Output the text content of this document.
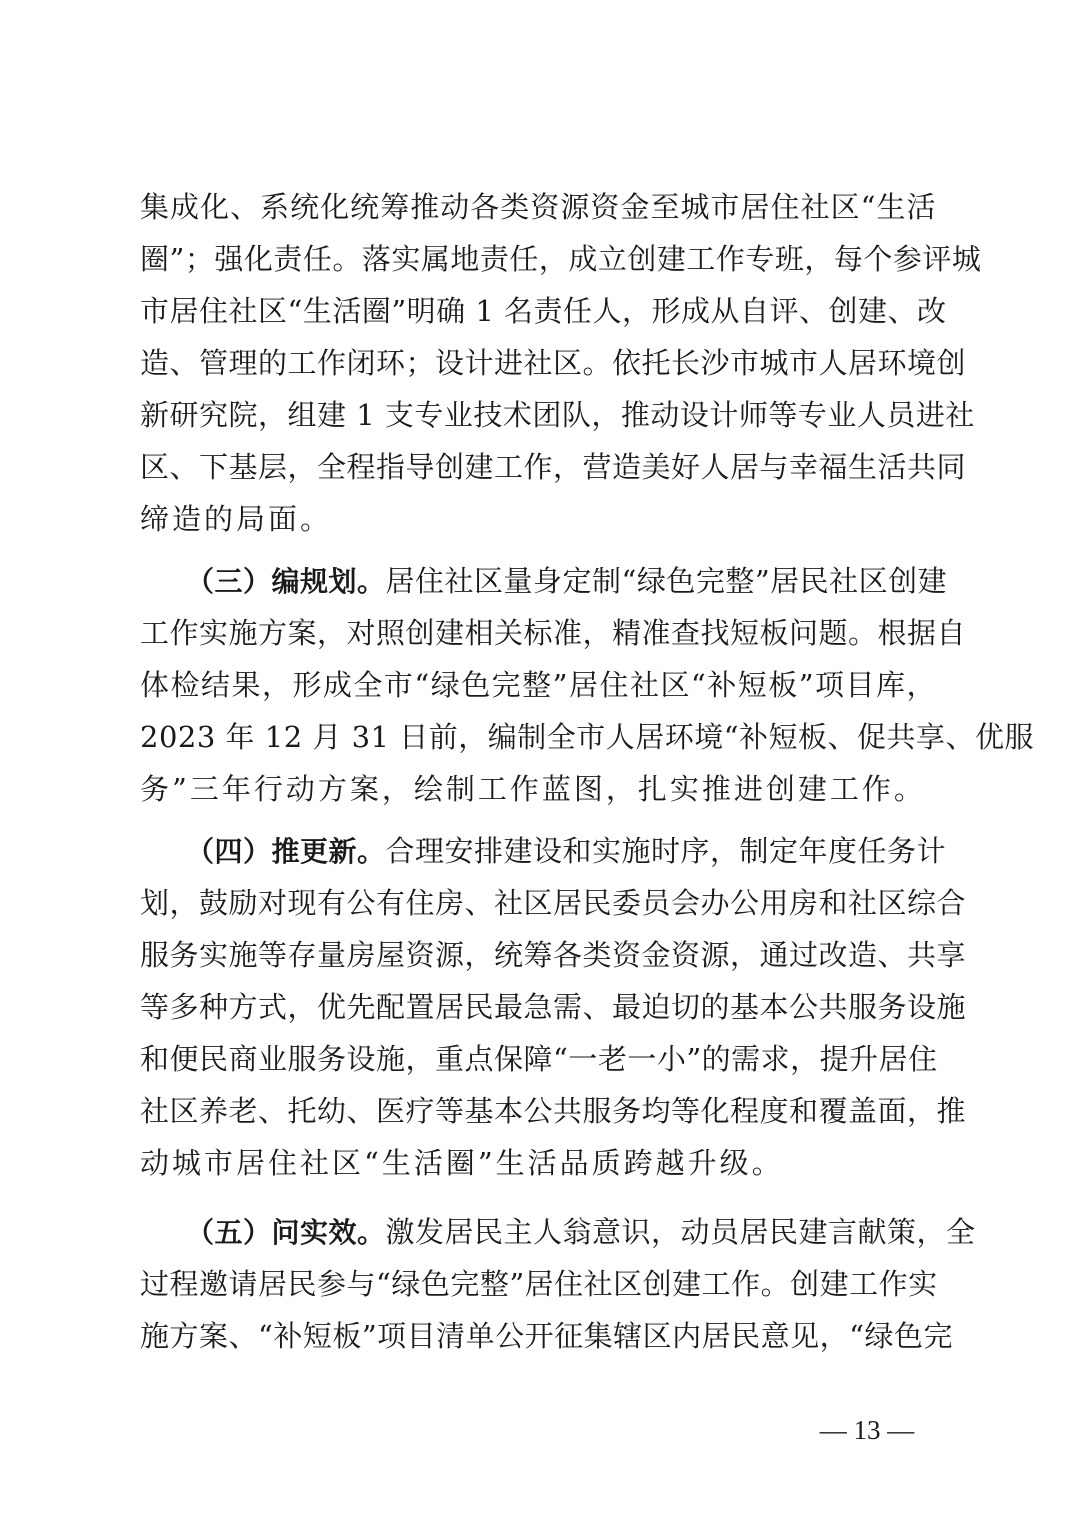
集成化、系统化统筹推动各类资源资金至城市居住社区“生活
圈”；强化责任。落实属地责任，成立创建工作专班，每个参评城
市居住社区“生活圈”明确 1 名责任人，形成从自评、创建、改
造、管理的工作闭环；设计进社区。依托长沙市城市人居环境创
新研究院，组建 1 支专业技术团队，推动设计师等专业人员进社
区、下基层，全程指导创建工作，营造美好人居与幸福生活共同
缔造的局面。
（三）编规划。居住社区量身定制“绿色完整”居民社区创建
工作实施方案，对照创建相关标准，精准查找短板问题。根据自
体检结果，形成全市“绿色完整”居住社区“补短板”项目库，
2023 年 12 月 31 日前，编制全市人居环境“补短板、促共享、优服
务”三年行动方案，绘制工作蓝图，扎实推进创建工作。
（四）推更新。合理安排建设和实施时序，制定年度任务计
划，鼓励对现有公有住房、社区居民委员会办公用房和社区综合
服务实施等存量房屋资源，统筹各类资金资源，通过改造、共享
等多种方式，优先配置居民最急需、最迫切的基本公共服务设施
和便民商业服务设施，重点保障“一老一小”的需求，提升居住
社区养老、托幼、医疗等基本公共服务均等化程度和覆盖面，推
动城市居住社区“生活圈”生活品质跨越升级。
（五）问实效。激发居民主人翁意识，动员居民建言献策，全
过程邀请居民参与“绿色完整”居住社区创建工作。创建工作实
施方案、“补短板”项目清单公开征集辖区内居民意见，“绿色完
— 13 —
